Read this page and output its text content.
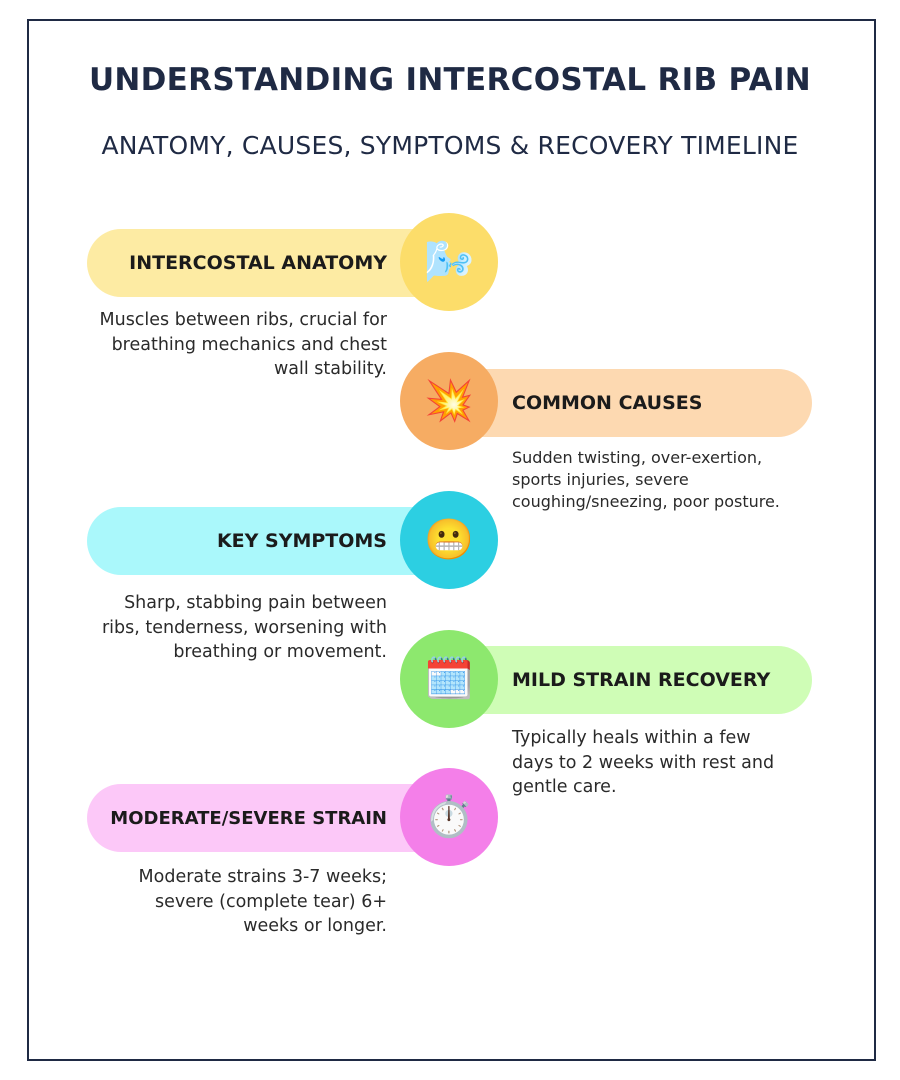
UNDERSTANDING INTERCOSTAL RIB PAIN
ANATOMY, CAUSES, SYMPTOMS & RECOVERY TIMELINE
INTERCOSTAL ANATOMY 🌬️
Muscles between ribs, crucial for breathing mechanics and chest wall stability.
COMMON CAUSES
💥
Sudden twisting, over-exertion, sports injuries, severe coughing/sneezing, poor posture.
KEY SYMPTOMS 😬
Sharp, stabbing pain between ribs, tenderness, worsening with breathing or movement.
MILD STRAIN RECOVERY
🗓️
Typically heals within a few days to 2 weeks with rest and gentle care.
MODERATE/SEVERE STRAIN ⏱️
Moderate strains 3-7 weeks; severe (complete tear) 6+ weeks or longer.
